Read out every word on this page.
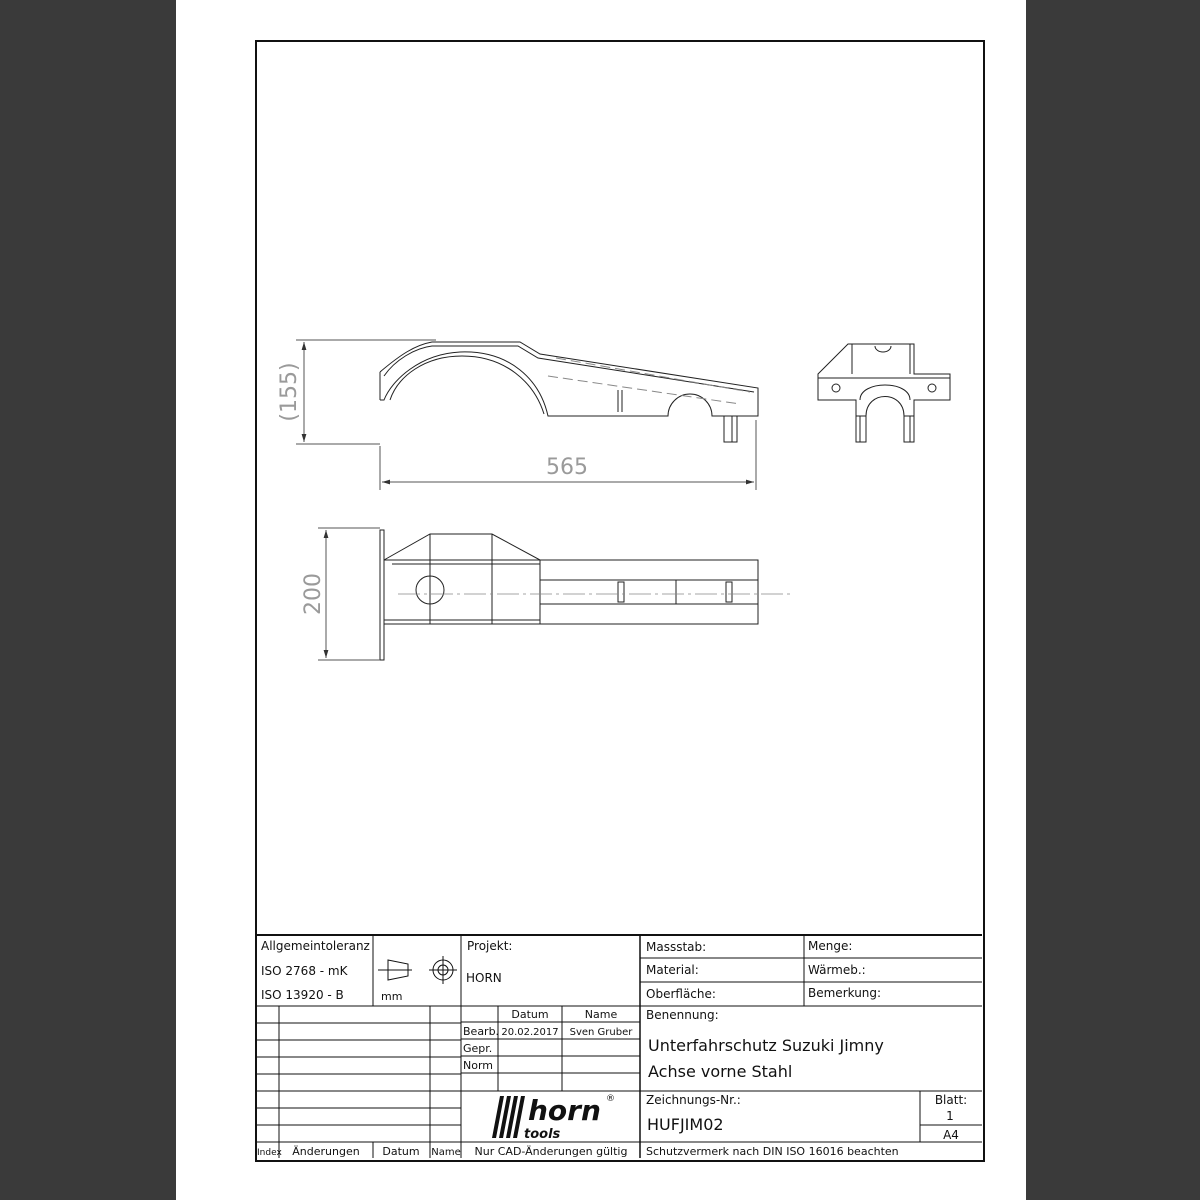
(155)
565
200
horn ®
tools
Allgemeintoleranz
ISO 2768 - mK
ISO 13920 - B	mm
Projekt:
HORN
Massstab:	Menge:
Material:	Wärmeb.:
Oberfläche:	Bemerkung:
Benennung:
Unterfahrschutz Suzuki Jimny
Achse vorne Stahl
Datum	Name
Bearb. 20.02.2017 Sven Gruber
Gepr.
Norm
Zeichnungs-Nr.:
HUFJIM02
Blatt:
1
A4
Index Änderungen Datum Name Nur CAD-Änderungen gültig Schutzvermerk nach DIN ISO 16016 beachten
